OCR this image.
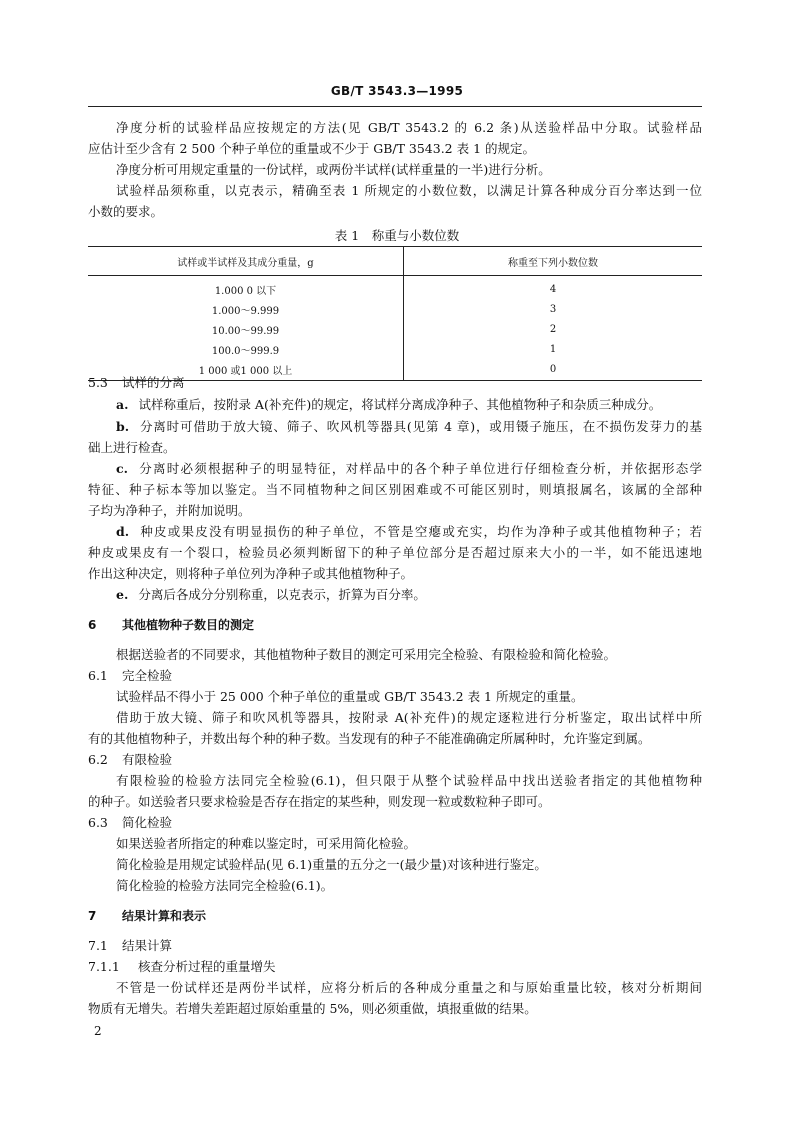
GB/T 3543.3—1995
净度分析的试验样品应按规定的方法(见 GB/T 3543.2 的 6.2 条)从送验样品中分取。试验样品
应估计至少含有 2 500 个种子单位的重量或不少于 GB/T 3543.2 表 1 的规定。
净度分析可用规定重量的一份试样，或两份半试样(试样重量的一半)进行分析。
试验样品须称重，以克表示，精确至表 1 所规定的小数位数，以满足计算各种成分百分率达到一位
小数的要求。
表 1　称重与小数位数
试样或半试样及其成分重量，g	称重至下列小数位数
1.000 0 以下	4
1.000～9.999	3
10.00～99.99	2
100.0～999.9	1
1 000 或1 000 以上	0
5.3 试样的分离
a. 试样称重后，按附录 A(补充件)的规定，将试样分离成净种子、其他植物种子和杂质三种成分。
b. 分离时可借助于放大镜、筛子、吹风机等器具(见第 4 章)，或用镊子施压，在不损伤发芽力的基
础上进行检查。
c. 分离时必须根据种子的明显特征，对样品中的各个种子单位进行仔细检查分析，并依据形态学
特征、种子标本等加以鉴定。当不同植物种之间区别困难或不可能区别时，则填报属名，该属的全部种
子均为净种子，并附加说明。
d. 种皮或果皮没有明显损伤的种子单位，不管是空瘪或充实，均作为净种子或其他植物种子；若
种皮或果皮有一个裂口，检验员必须判断留下的种子单位部分是否超过原来大小的一半，如不能迅速地
作出这种决定，则将种子单位列为净种子或其他植物种子。
e. 分离后各成分分别称重，以克表示，折算为百分率。
6 其他植物种子数目的测定
根据送验者的不同要求，其他植物种子数目的测定可采用完全检验、有限检验和简化检验。
6.1 完全检验
试验样品不得小于 25 000 个种子单位的重量或 GB/T 3543.2 表 1 所规定的重量。
借助于放大镜、筛子和吹风机等器具，按附录 A(补充件)的规定逐粒进行分析鉴定，取出试样中所
有的其他植物种子，并数出每个种的种子数。当发现有的种子不能准确确定所属种时，允许鉴定到属。
6.2 有限检验
有限检验的检验方法同完全检验(6.1)，但只限于从整个试验样品中找出送验者指定的其他植物种
的种子。如送验者只要求检验是否存在指定的某些种，则发现一粒或数粒种子即可。
6.3 简化检验
如果送验者所指定的种难以鉴定时，可采用简化检验。
简化检验是用规定试验样品(见 6.1)重量的五分之一(最少量)对该种进行鉴定。
简化检验的检验方法同完全检验(6.1)。
7 结果计算和表示
7.1 结果计算
7.1.1 核查分析过程的重量增失
不管是一份试样还是两份半试样，应将分析后的各种成分重量之和与原始重量比较，核对分析期间
物质有无增失。若增失差距超过原始重量的 5%，则必须重做，填报重做的结果。
2
